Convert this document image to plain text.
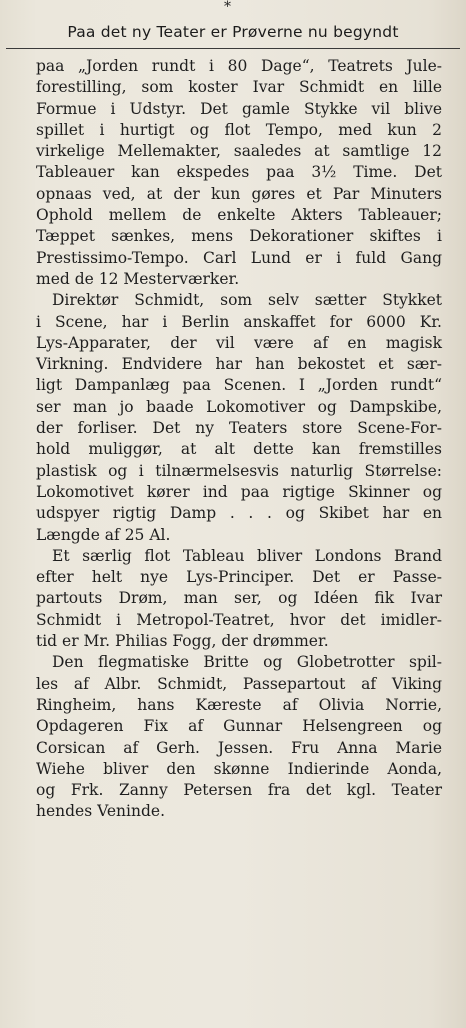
*
Paa det ny Teater er Prøverne nu begyndt
paa „Jorden rundt i 80 Dage“, Teatrets Jule-
forestilling, som koster Ivar Schmidt en lille
Formue i Udstyr. Det gamle Stykke vil blive
spillet i hurtigt og flot Tempo, med kun 2
virkelige Mellemakter, saaledes at samtlige 12
Tableauer kan ekspedes paa 3½ Time. Det
opnaas ved, at der kun gøres et Par Minuters
Ophold mellem de enkelte Akters Tableauer;
Tæppet sænkes, mens Dekorationer skiftes i
Prestissimo-Tempo. Carl Lund er i fuld Gang
med de 12 Mesterværker.
Direktør Schmidt, som selv sætter Stykket
i Scene, har i Berlin anskaffet for 6000 Kr.
Lys-Apparater, der vil være af en magisk
Virkning. Endvidere har han bekostet et sær-
ligt Dampanlæg paa Scenen. I „Jorden rundt“
ser man jo baade Lokomotiver og Dampskibe,
der forliser. Det ny Teaters store Scene-For-
hold muliggør, at alt dette kan fremstilles
plastisk og i tilnærmelsesvis naturlig Størrelse:
Lokomotivet kører ind paa rigtige Skinner og
udspyer rigtig Damp . . . og Skibet har en
Længde af 25 Al.
Et særlig flot Tableau bliver Londons Brand
efter helt nye Lys-Principer. Det er Passe-
partouts Drøm, man ser, og Idéen fik Ivar
Schmidt i Metropol-Teatret, hvor det imidler-
tid er Mr. Philias Fogg, der drømmer.
Den flegmatiske Britte og Globetrotter spil-
les af Albr. Schmidt, Passepartout af Viking
Ringheim, hans Kæreste af Olivia Norrie,
Opdageren Fix af Gunnar Helsengreen og
Corsican af Gerh. Jessen. Fru Anna Marie
Wiehe bliver den skønne Indierinde Aonda,
og Frk. Zanny Petersen fra det kgl. Teater
hendes Veninde.
